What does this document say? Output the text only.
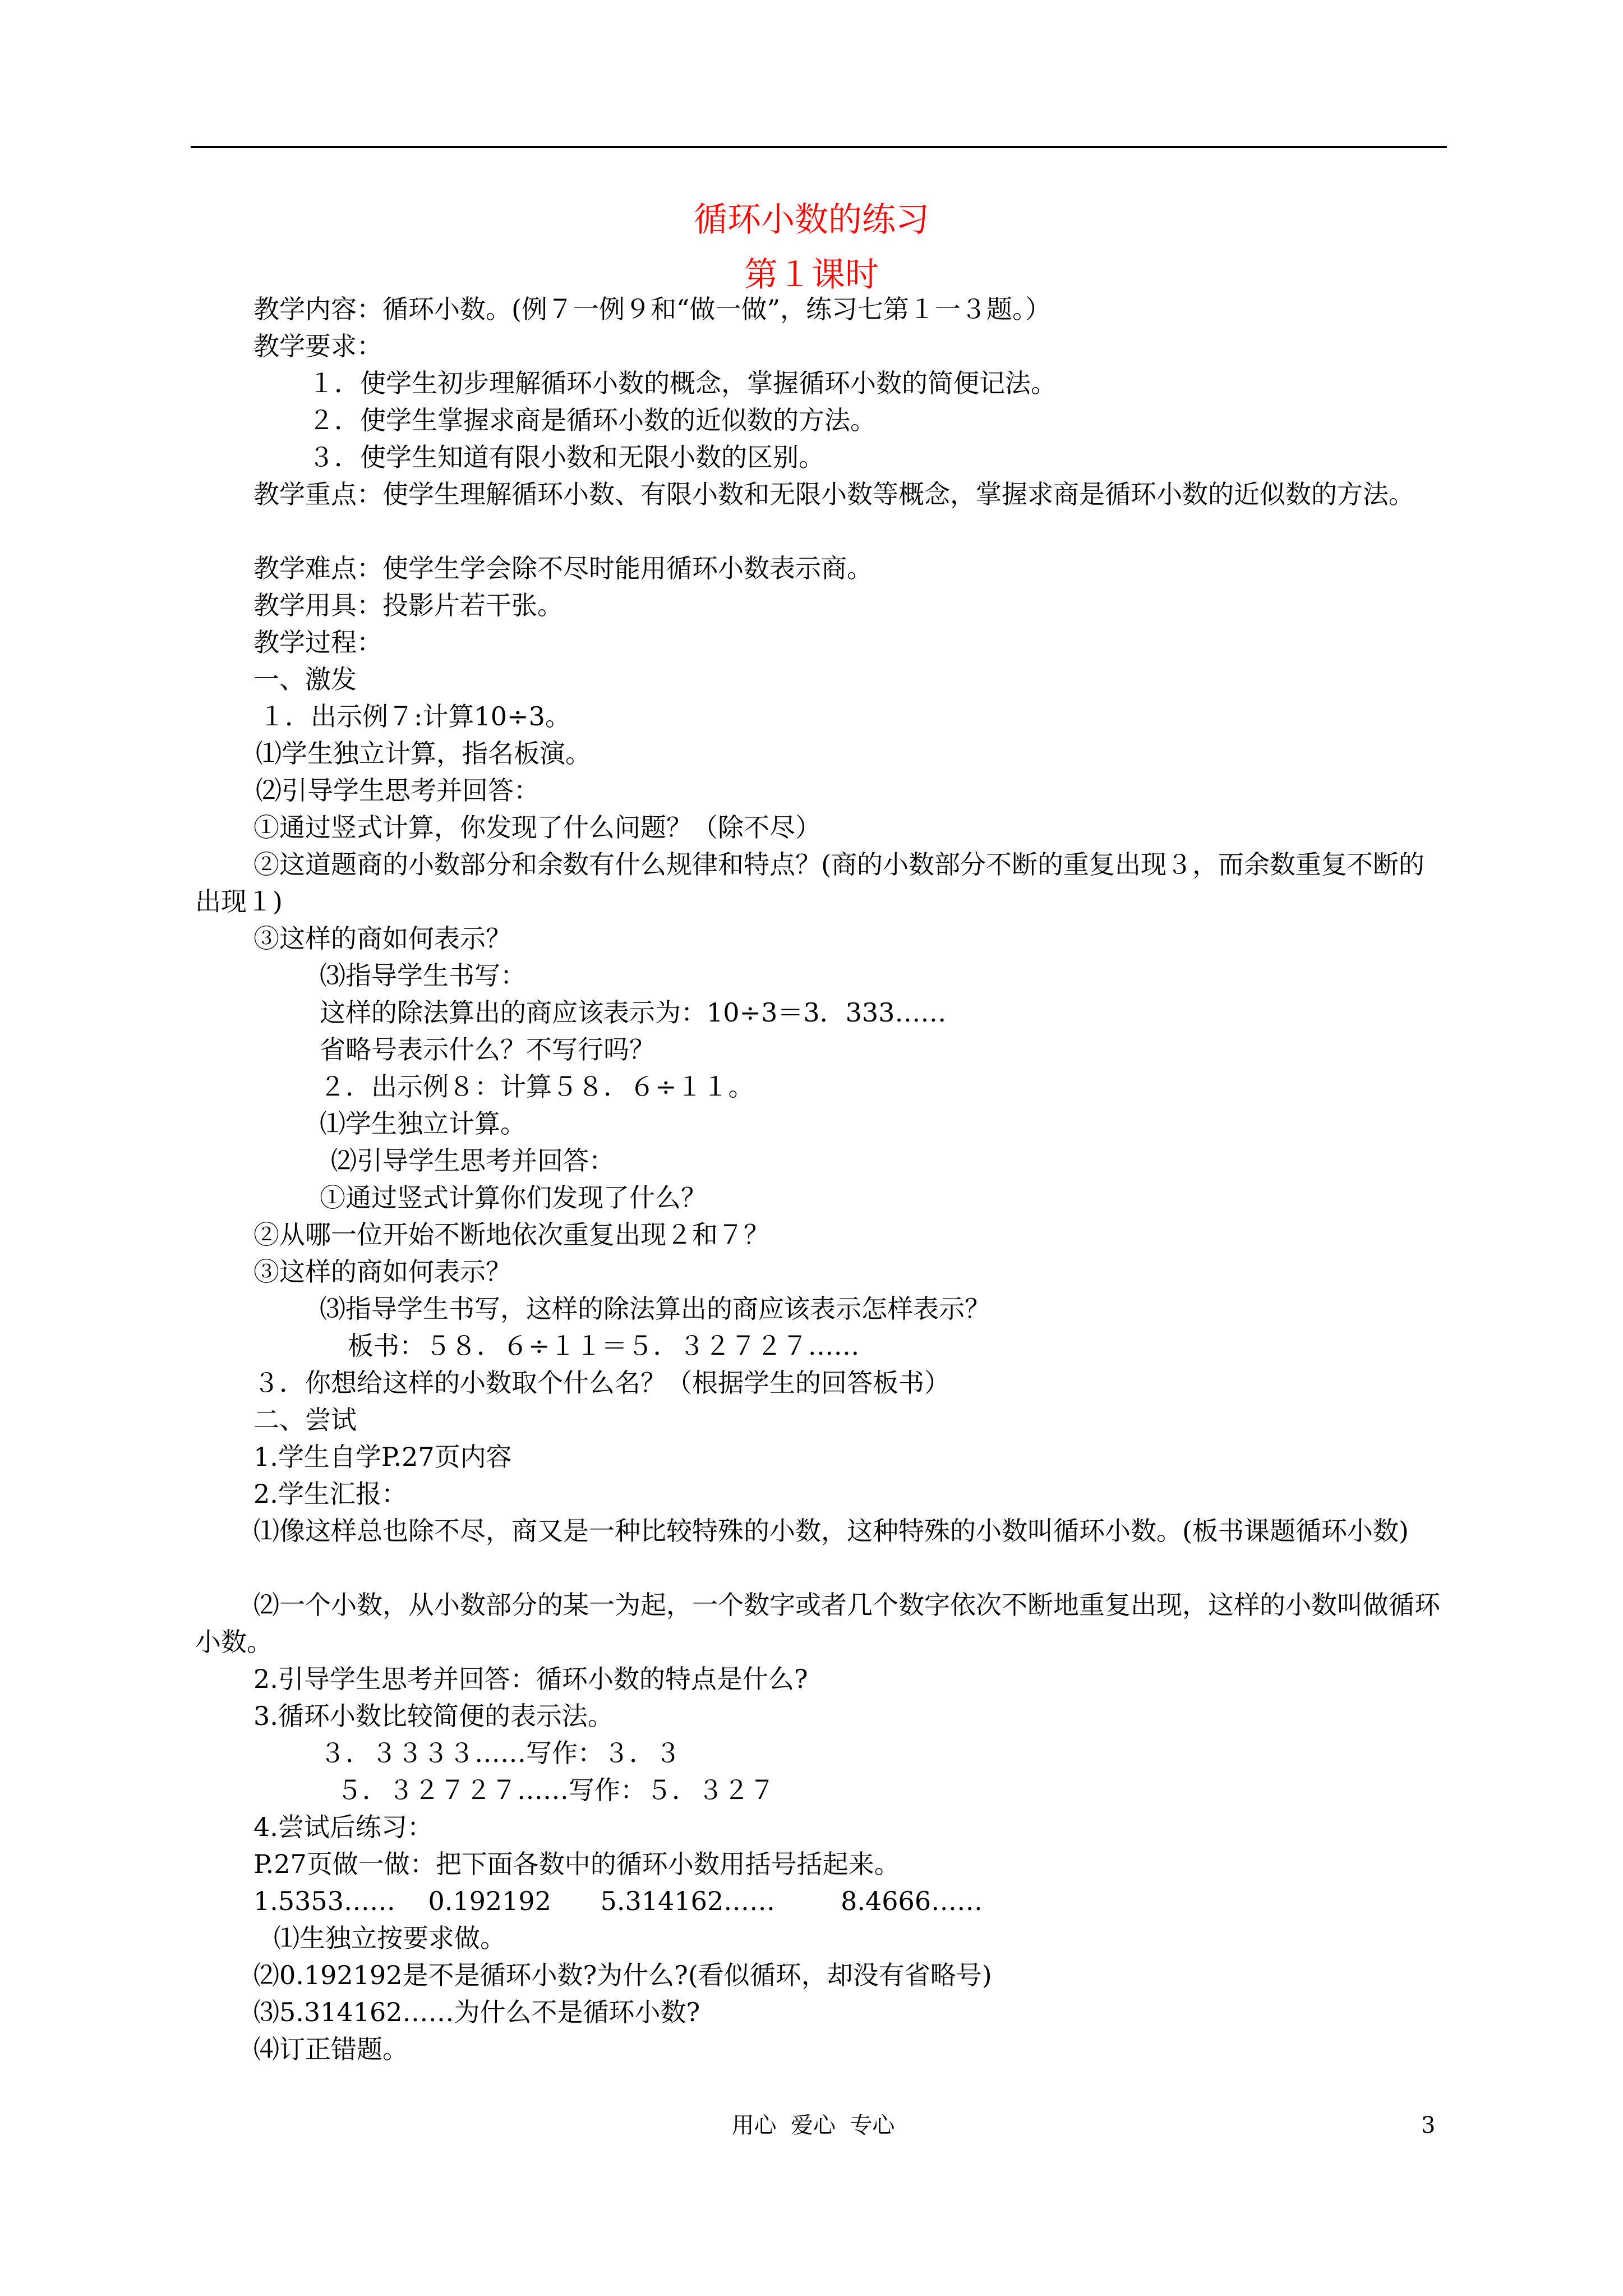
循环小数的练习
第１课时
教学内容：循环小数。(例７一例９和“做一做”，练习七第１一３题。）
教学要求：
１．使学生初步理解循环小数的概念，掌握循环小数的简便记法。
２．使学生掌握求商是循环小数的近似数的方法。
３．使学生知道有限小数和无限小数的区别。
教学重点：使学生理解循环小数、有限小数和无限小数等概念，掌握求商是循环小数的近似数的方法。
教学难点：使学生学会除不尽时能用循环小数表示商。
教学用具：投影片若干张。
教学过程：
一、激发
１．出示例７:计算10÷3。
⑴学生独立计算，指名板演。
⑵引导学生思考并回答：
①通过竖式计算，你发现了什么问题？（除不尽）
②这道题商的小数部分和余数有什么规律和特点？(商的小数部分不断的重复出现３，而余数重复不断的出现１)
③这样的商如何表示？
⑶指导学生书写：
这样的除法算出的商应该表示为：10÷3＝3．333……
省略号表示什么？不写行吗？
２．出示例８：计算５８．６÷１１。
⑴学生独立计算。
⑵引导学生思考并回答：
①通过竖式计算你们发现了什么？
②从哪一位开始不断地依次重复出现２和７？
③这样的商如何表示？
⑶指导学生书写，这样的除法算出的商应该表示怎样表示？
板书：５８．６÷１１＝５．３２７２７……
３．你想给这样的小数取个什么名？（根据学生的回答板书）
二、尝试
1.学生自学P.27页内容
2.学生汇报：
⑴像这样总也除不尽，商又是一种比较特殊的小数，这种特殊的小数叫循环小数。(板书课题循环小数)
⑵一个小数，从小数部分的某一为起，一个数字或者几个数字依次不断地重复出现，这样的小数叫做循环小数。
2.引导学生思考并回答：循环小数的特点是什么?
3.循环小数比较简便的表示法。
３．３３３３……写作：３．３
５．３２７２７……写作：５．３２７
4.尝试后练习：
P.27页做一做：把下面各数中的循环小数用括号括起来。
1.5353……    0.192192      5.314162……        8.4666……
⑴生独立按要求做。
⑵0.192192是不是循环小数?为什么?(看似循环，却没有省略号)
⑶5.314162……为什么不是循环小数?
⑷订正错题。
用心  爱心  专心	3
